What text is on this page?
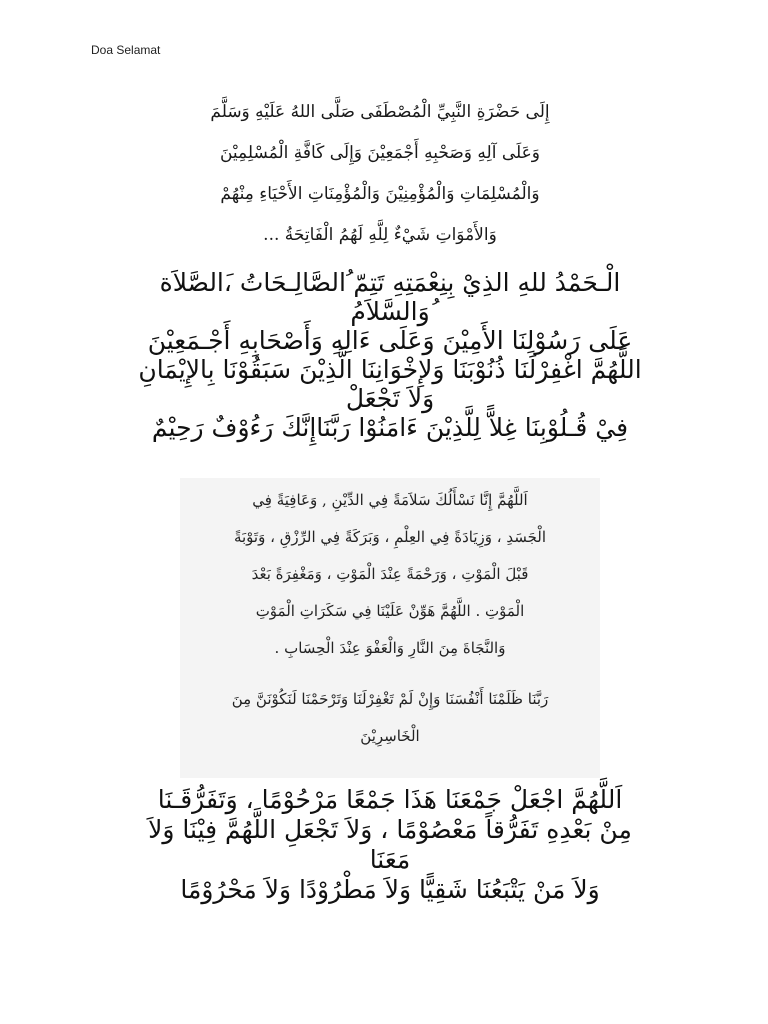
Doa Selamat
إِلَى حَضْرَةِ النَّبِيِّ الْمُصْطَفَى صَلَّى اللهُ عَلَيْهِ وَسَلَّمَ
وَعَلَى آلِهِ وَصَحْبِهِ أَجْمَعِيْنَ وَإِلَى كَافَّةِ الْمُسْلِمِيْنَ
وَالْمُسْلِمَاتِ وَالْمُؤْمِنِيْنَ وَالْمُؤْمِنَاتِ الأَحْيَاءِ مِنْهُمْ
وَالأَمْوَاتِ شَيْءٌ لِلَّهِ لَهُمُ الْفَاتِحَةُ ...
الْـحَمْدُ للهِ الذِيْ بِنِعْمَتِهِ تَتِمّ ُالصَّالِـحَاتُ ،َالصَّلاَة
ُوَالسَّلاَمُ
عَلَى رَسُوْلِنَا الأَمِيْنَ وَعَلَى ءَالِهِ وَأَصْحَابِهِ أَجْـمَعِيْنَ
اللَّهُمَّ اغْفِرْلَنَا ذُنُوْبَنَا وَلإِخْوَانِنَا الَّذِيْنَ سَبَقُوْنَا بِالإِيْمَانِ
وَلاَ تَجْعَلْ
فِيْ قُـلُوْبِنَا غِلاًّ لِلَّذِيْنَ ءَامَنُوْا رَبَّنَاإِنَّكَ رَءُوْفٌ رَحِيْمٌ
اَللَّهُمَّ إِنَّا نَسْأَلُكَ سَلاَمَةً فِي الدِّيْنِ , وَعَافِيَةً فِي
الْجَسَدِ ، وَزِيَادَةً فِي العِلْمِ ، وَبَرَكَةً فِي الرِّزْقِ ، وَتَوْبَةً
قَبْلَ الْمَوْتِ ، وَرَحْمَةً عِنْدَ الْمَوْتِ ، وَمَغْفِرَةً بَعْدَ
الْمَوْتِ . اللَّهُمَّ هَوِّنْ عَلَيْنَا فِي سَكَرَاتِ الْمَوْتِ
وَالنَّجَاةَ مِنَ النَّارِ وَالْعَفْوَ عِنْدَ الْحِسَابِ .
رَبَّنَا ظَلَمْنَا أَنْفُسَنَا وَإِنْ لَمْ تَغْفِرْلَنَا وَتَرْحَمْنَا لَنَكُوْنَنَّ مِنَ
الْخَاسِرِيْنَ
اَللَّهُمَّ اجْعَلْ جَمْعَنَا هَذَا جَمْعًا مَرْحُوْمًا ، وَتَفَرُّقَـنَا
مِنْ بَعْدِهِ تَفَرُّقاً مَعْصُوْمًا ، وَلاَ تَجْعَلِ اللَّهُمَّ فِيْنَا وَلاَ
مَعَنَا
وَلاَ مَنْ يَتْبَعُنَا شَقِيًّا وَلاَ مَطْرُوْدًا وَلاَ مَحْرُوْمًا
